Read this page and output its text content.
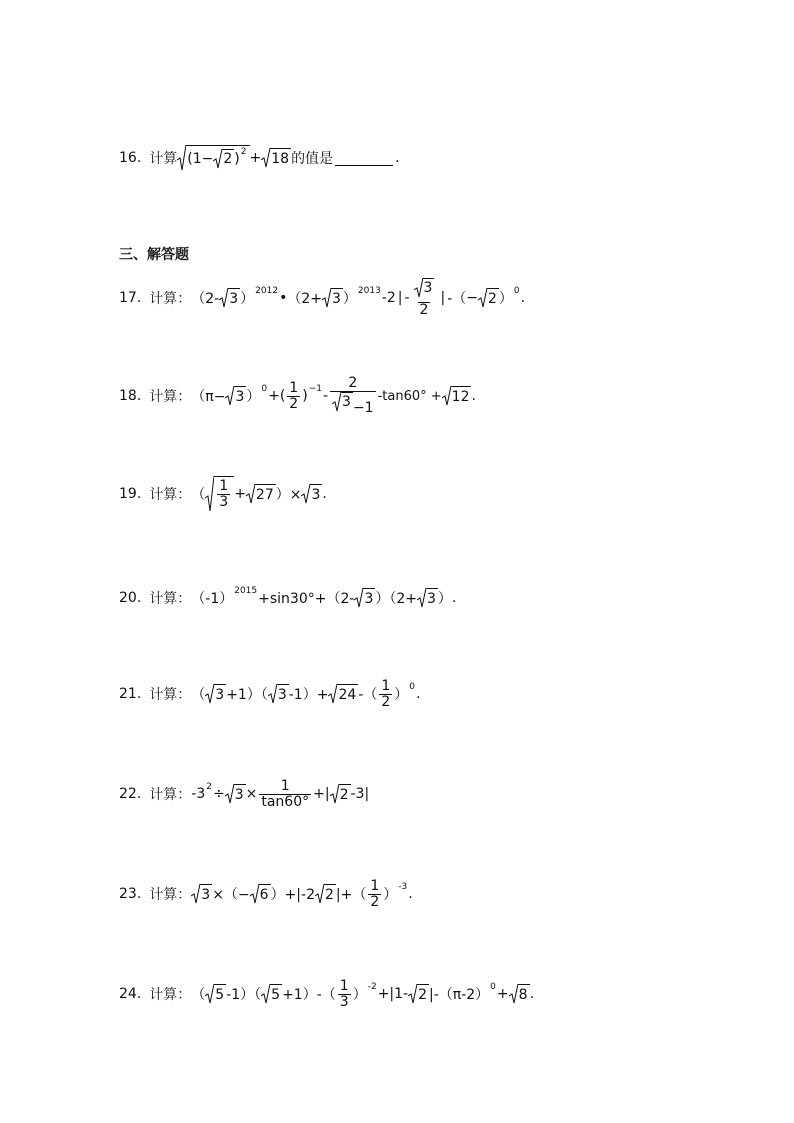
16. 计算 (1− 2 ) 2 + 18 的值是	.
三、解答题
17. 计算： （2- 3 ） 2012 • （2+ 3 ） 2013 -2 | - $\frac{3}{2}$ | -（ − 2 ） 0 .
18. 计算： （π− 3 ） 0 + ( $\frac{1}{2}$ ) $-1 - \frac{2}{3 -1} -\tan 60^\circ + 12$ .
19. 计算： （ $\frac{1}{3} + 27$ ）× 3 .
20. 计算： （-1） 2015 +sin30°+（2- 3 ）（2+ 3 ） .
21. 计算： （ 3 +1）（ 3 -1）+ 24 -（ $\frac{1}{2}$ ） 0 .
22. 计算： -3 $2 \div 3 \times \frac{1}{\tan 60^\circ}$ +| 2 -3|
23. 计算： 3 ×（− 6 ）+|-2 2 |+（ $\frac{1}{2}$ ） -3 .
24. 计算： （ 5 -1）（ $5 +1)-( \frac{1}{3}$ ） -2 +|1- 2 |-（π-2） 0 + 8 .
